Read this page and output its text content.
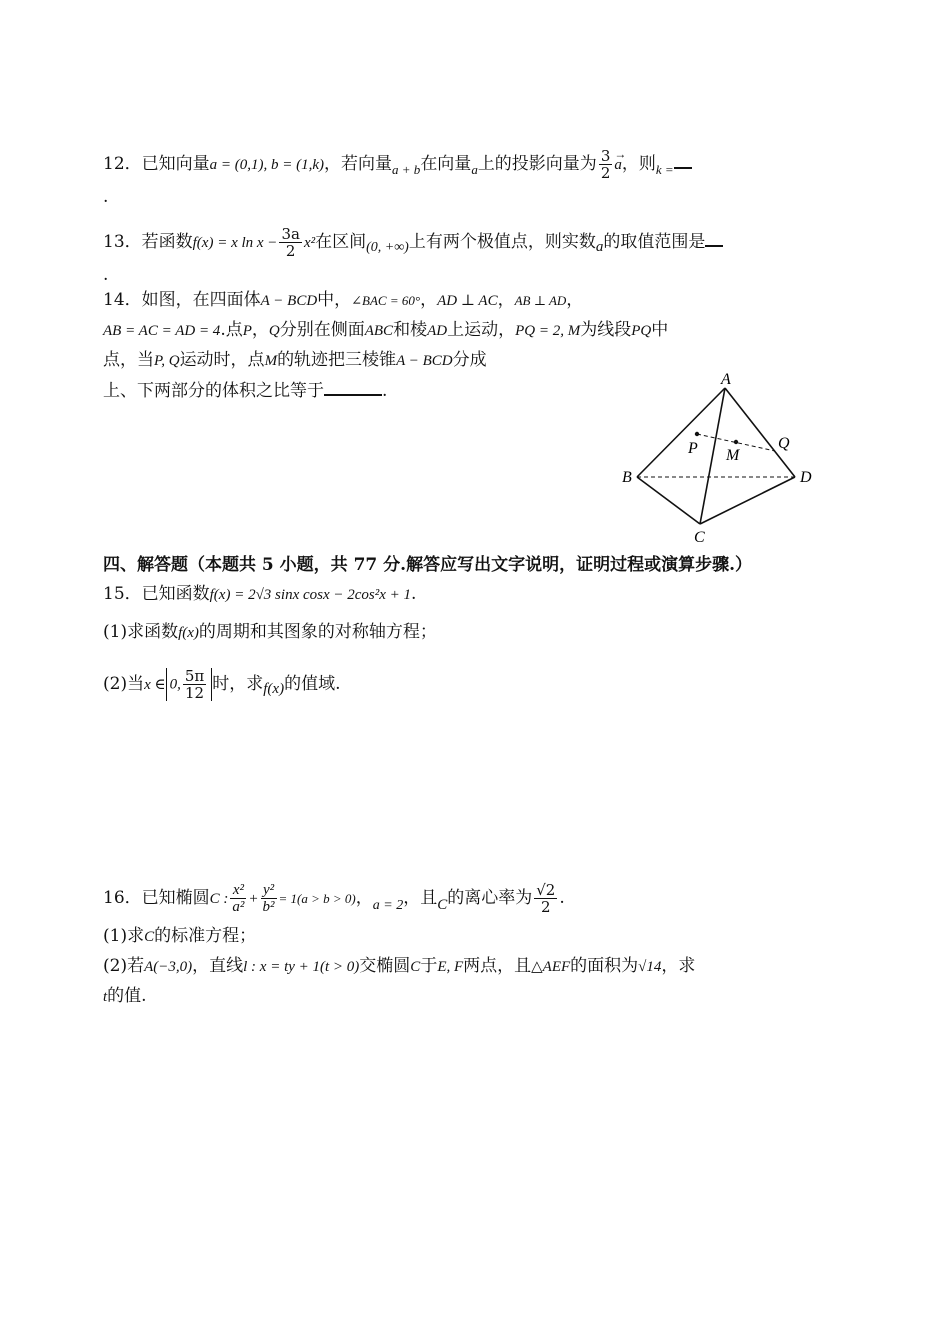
12．已知向量a = (0,1), b = (1,k)，若向量$_{a + b}$在向量$_a$上的投影向量为 $\frac{3}{2}$ →
a，则$_{k =}$
.
13．若函数f(x) = x $\ln x - \frac{3a}{2} x^2$在区间$_{(0, +\infty)}$上有两个极值点，则实数a的取值范围是
.
14．如图，在四面体A − BCD中，∠BAC = 60°，AD ⊥ AC，AB ⊥ AD，
AB = AC = AD = 4.点P，Q分别在侧面ABC和棱AD上运动，PQ = 2, M为线段PQ中
点，当P, Q运动时，点M的轨迹把三棱锥A − BCD分成
上、下两部分的体积之比等于	.
A
B
C
D
P	Q
M
四、解答题（本题共 5 小题，共 77 分.解答应写出文字说明，证明过程或演算步骤.）
15．已知函数f(x) = 2√3 sinx cosx − 2cos²x + 1.
(1)求函数f(x)的周期和其图象的对称轴方程；
(2)当x ∈ 0, $\frac{5\pi}{12}$ 时，求f(x)的值域.
16．已知椭圆C : $\frac{\text{x²}}{\text{a²}} + \frac{\text{y²}}{\text{b²}} = 1(a > b > 0)$，$_{a = 2}$，且C的离心率为 $\frac{√2}{2}$ .
(1)求C的标准方程；
(2)若A(−3,0)，直线l : x = ty + 1(t > 0)交椭圆C于E, F两点，且△AEF的面积为√14，求
t的值.
